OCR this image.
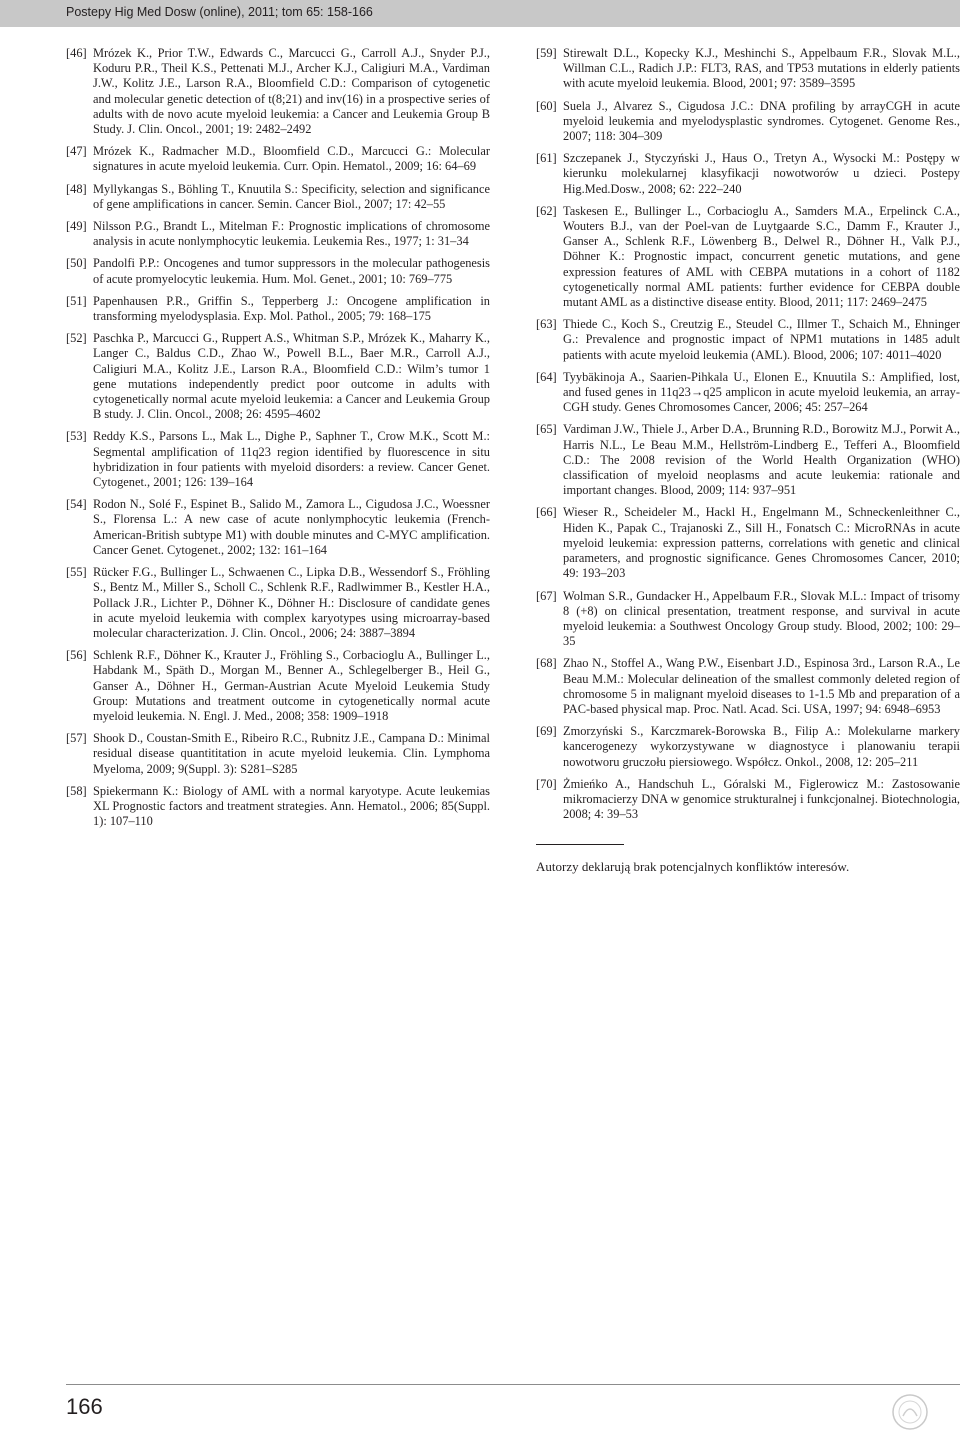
Postepy Hig Med Dosw (online), 2011; tom 65: 158-166
[46] Mrózek K., Prior T.W., Edwards C., Marcucci G., Carroll A.J., Snyder P.J., Koduru P.R., Theil K.S., Pettenati M.J., Archer K.J., Caligiuri M.A., Vardiman J.W., Kolitz J.E., Larson R.A., Bloomfield C.D.: Comparison of cytogenetic and molecular genetic detection of t(8;21) and inv(16) in a prospective series of adults with de novo acute myeloid leukemia: a Cancer and Leukemia Group B Study. J. Clin. Oncol., 2001; 19: 2482–2492
[47] Mrózek K., Radmacher M.D., Bloomfield C.D., Marcucci G.: Molecular signatures in acute myeloid leukemia. Curr. Opin. Hematol., 2009; 16: 64–69
[48] Myllykangas S., Böhling T., Knuutila S.: Specificity, selection and significance of gene amplifications in cancer. Semin. Cancer Biol., 2007; 17: 42–55
[49] Nilsson P.G., Brandt L., Mitelman F.: Prognostic implications of chromosome analysis in acute nonlymphocytic leukemia. Leukemia Res., 1977; 1: 31–34
[50] Pandolfi P.P.: Oncogenes and tumor suppressors in the molecular pathogenesis of acute promyelocytic leukemia. Hum. Mol. Genet., 2001; 10: 769–775
[51] Papenhausen P.R., Griffin S., Tepperberg J.: Oncogene amplification in transforming myelodysplasia. Exp. Mol. Pathol., 2005; 79: 168–175
[52] Paschka P., Marcucci G., Ruppert A.S., Whitman S.P., Mrózek K., Maharry K., Langer C., Baldus C.D., Zhao W., Powell B.L., Baer M.R., Carroll A.J., Caligiuri M.A., Kolitz J.E., Larson R.A., Bloomfield C.D.: Wilm’s tumor 1 gene mutations independently predict poor outcome in adults with cytogenetically normal acute myeloid leukemia: a Cancer and Leukemia Group B study. J. Clin. Oncol., 2008; 26: 4595–4602
[53] Reddy K.S., Parsons L., Mak L., Dighe P., Saphner T., Crow M.K., Scott M.: Segmental amplification of 11q23 region identified by fluorescence in situ hybridization in four patients with myeloid disorders: a review. Cancer Genet. Cytogenet., 2001; 126: 139–164
[54] Rodon N., Solé F., Espinet B., Salido M., Zamora L., Cigudosa J.C., Woessner S., Florensa L.: A new case of acute nonlymphocytic leukemia (French-American-British subtype M1) with double minutes and C-MYC amplification. Cancer Genet. Cytogenet., 2002; 132: 161–164
[55] Rücker F.G., Bullinger L., Schwaenen C., Lipka D.B., Wessendorf S., Fröhling S., Bentz M., Miller S., Scholl C., Schlenk R.F., Radlwimmer B., Kestler H.A., Pollack J.R., Lichter P., Döhner K., Döhner H.: Disclosure of candidate genes in acute myeloid leukemia with complex karyotypes using microarray-based molecular characterization. J. Clin. Oncol., 2006; 24: 3887–3894
[56] Schlenk R.F., Döhner K., Krauter J., Fröhling S., Corbacioglu A., Bullinger L., Habdank M., Späth D., Morgan M., Benner A., Schlegelberger B., Heil G., Ganser A., Döhner H., German-Austrian Acute Myeloid Leukemia Study Group: Mutations and treatment outcome in cytogenetically normal acute myeloid leukemia. N. Engl. J. Med., 2008; 358: 1909–1918
[57] Shook D., Coustan-Smith E., Ribeiro R.C., Rubnitz J.E., Campana D.: Minimal residual disease quantititation in acute myeloid leukemia. Clin. Lymphoma Myeloma, 2009; 9(Suppl. 3): S281–S285
[58] Spiekermann K.: Biology of AML with a normal karyotype. Acute leukemias XL Prognostic factors and treatment strategies. Ann. Hematol., 2006; 85(Suppl. 1): 107–110
[59] Stirewalt D.L., Kopecky K.J., Meshinchi S., Appelbaum F.R., Slovak M.L., Willman C.L., Radich J.P.: FLT3, RAS, and TP53 mutations in elderly patients with acute myeloid leukemia. Blood, 2001; 97: 3589–3595
[60] Suela J., Alvarez S., Cigudosa J.C.: DNA profiling by arrayCGH in acute myeloid leukemia and myelodysplastic syndromes. Cytogenet. Genome Res., 2007; 118: 304–309
[61] Szczepanek J., Styczyński J., Haus O., Tretyn A., Wysocki M.: Postępy w kierunku molekularnej klasyfikacji nowotworów u dzieci. Postepy Hig.Med.Dosw., 2008; 62: 222–240
[62] Taskesen E., Bullinger L., Corbacioglu A., Samders M.A., Erpelinck C.A., Wouters B.J., van der Poel-van de Luytgaarde S.C., Damm F., Krauter J., Ganser A., Schlenk R.F., Löwenberg B., Delwel R., Döhner H., Valk P.J., Döhner K.: Prognostic impact, concurrent genetic mutations, and gene expression features of AML with CEBPA mutations in a cohort of 1182 cytogenetically normal AML patients: further evidence for CEBPA double mutant AML as a distinctive disease entity. Blood, 2011; 117: 2469–2475
[63] Thiede C., Koch S., Creutzig E., Steudel C., Illmer T., Schaich M., Ehninger G.: Prevalence and prognostic impact of NPM1 mutations in 1485 adult patients with acute myeloid leukemia (AML). Blood, 2006; 107: 4011–4020
[64] Tyybäkinoja A., Saarien-Pihkala U., Elonen E., Knuutila S.: Amplified, lost, and fused genes in 11q23→q25 amplicon in acute myeloid leukemia, an array-CGH study. Genes Chromosomes Cancer, 2006; 45: 257–264
[65] Vardiman J.W., Thiele J., Arber D.A., Brunning R.D., Borowitz M.J., Porwit A., Harris N.L., Le Beau M.M., Hellström-Lindberg E., Tefferi A., Bloomfield C.D.: The 2008 revision of the World Health Organization (WHO) classification of myeloid neoplasms and acute leukemia: rationale and important changes. Blood, 2009; 114: 937–951
[66] Wieser R., Scheideler M., Hackl H., Engelmann M., Schneckenleithner C., Hiden K., Papak C., Trajanoski Z., Sill H., Fonatsch C.: MicroRNAs in acute myeloid leukemia: expression patterns, correlations with genetic and clinical parameters, and prognostic significance. Genes Chromosomes Cancer, 2010; 49: 193–203
[67] Wolman S.R., Gundacker H., Appelbaum F.R., Slovak M.L.: Impact of trisomy 8 (+8) on clinical presentation, treatment response, and survival in acute myeloid leukemia: a Southwest Oncology Group study. Blood, 2002; 100: 29–35
[68] Zhao N., Stoffel A., Wang P.W., Eisenbart J.D., Espinosa 3rd., Larson R.A., Le Beau M.M.: Molecular delineation of the smallest commonly deleted region of chromosome 5 in malignant myeloid diseases to 1-1.5 Mb and preparation of a PAC-based physical map. Proc. Natl. Acad. Sci. USA, 1997; 94: 6948–6953
[69] Zmorzyński S., Karczmarek-Borowska B., Filip A.: Molekularne markery kancerogenezy wykorzystywane w diagnostyce i planowaniu terapii nowotworu gruczołu piersiowego. Współcz. Onkol., 2008, 12: 205–211
[70] Żmieńko A., Handschuh L., Góralski M., Figlerowicz M.: Zastosowanie mikromacierzy DNA w genomice strukturalnej i funkcjonalnej. Biotechnologia, 2008; 4: 39–53
Autorzy deklarują brak potencjalnych konfliktów interesów.
166
